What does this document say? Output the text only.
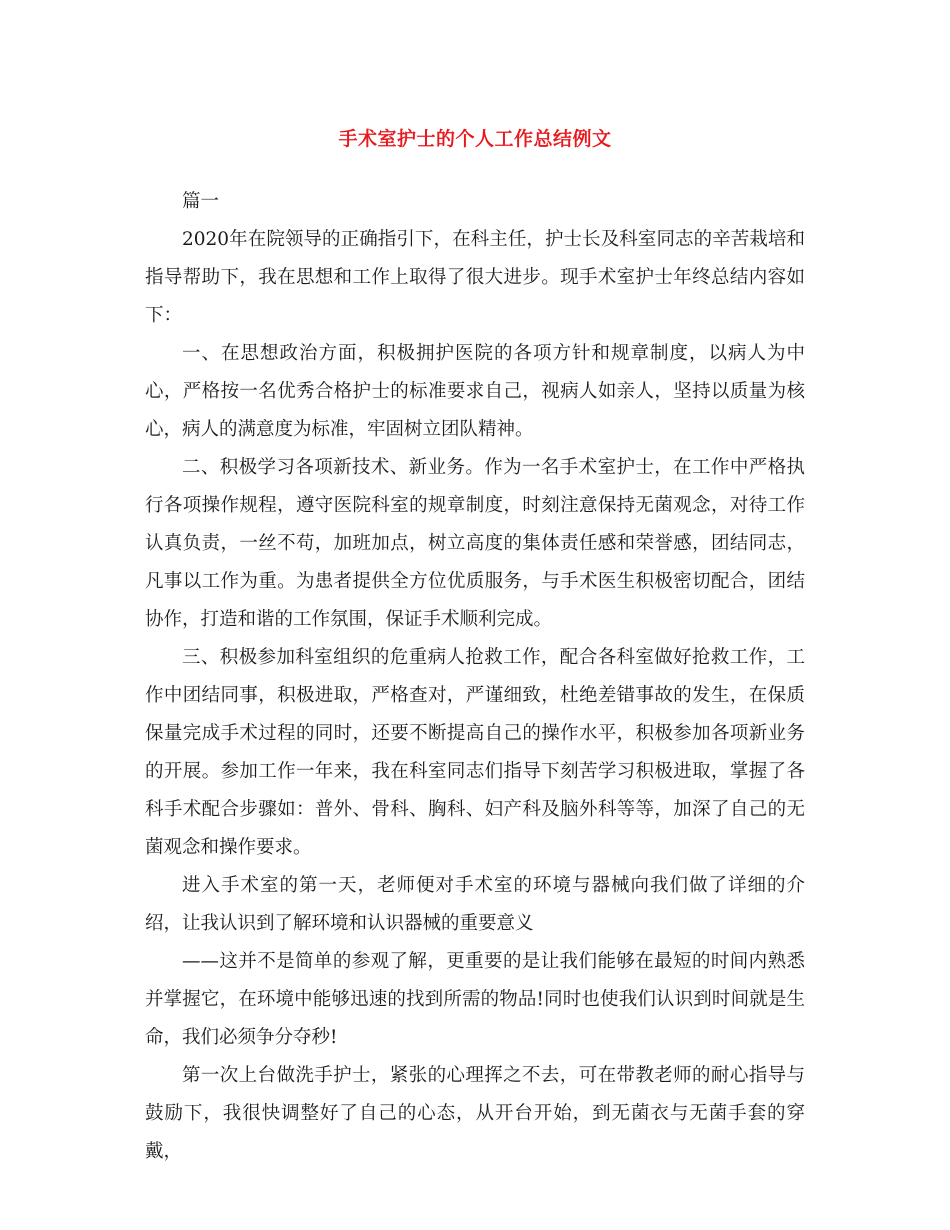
手术室护士的个人工作总结例文

篇一

2020年在院领导的正确指引下，在科主任，护士长及科室同志的辛苦栽培和指导帮助下，我在思想和工作上取得了很大进步。现手术室护士年终总结内容如下：

一、在思想政治方面，积极拥护医院的各项方针和规章制度，以病人为中心，严格按一名优秀合格护士的标准要求自己，视病人如亲人，坚持以质量为核心，病人的满意度为标准，牢固树立团队精神。

二、积极学习各项新技术、新业务。作为一名手术室护士，在工作中严格执行各项操作规程，遵守医院科室的规章制度，时刻注意保持无菌观念，对待工作认真负责，一丝不苟，加班加点，树立高度的集体责任感和荣誉感，团结同志，凡事以工作为重。为患者提供全方位优质服务，与手术医生积极密切配合，团结协作，打造和谐的工作氛围，保证手术顺利完成。

三、积极参加科室组织的危重病人抢救工作，配合各科室做好抢救工作，工作中团结同事，积极进取，严格查对，严谨细致，杜绝差错事故的发生，在保质保量完成手术过程的同时，还要不断提高自己的操作水平，积极参加各项新业务的开展。参加工作一年来，我在科室同志们指导下刻苦学习积极进取，掌握了各科手术配合步骤如：普外、骨科、胸科、妇产科及脑外科等等，加深了自己的无菌观念和操作要求。

进入手术室的第一天，老师便对手术室的环境与器械向我们做了详细的介绍，让我认识到了解环境和认识器械的重要意义

——这并不是简单的参观了解，更重要的是让我们能够在最短的时间内熟悉并掌握它，在环境中能够迅速的找到所需的物品!同时也使我们认识到时间就是生命，我们必须争分夺秒!

第一次上台做洗手护士，紧张的心理挥之不去，可在带教老师的耐心指导与鼓励下，我很快调整好了自己的心态，从开台开始，到无菌衣与无菌手套的穿戴，
